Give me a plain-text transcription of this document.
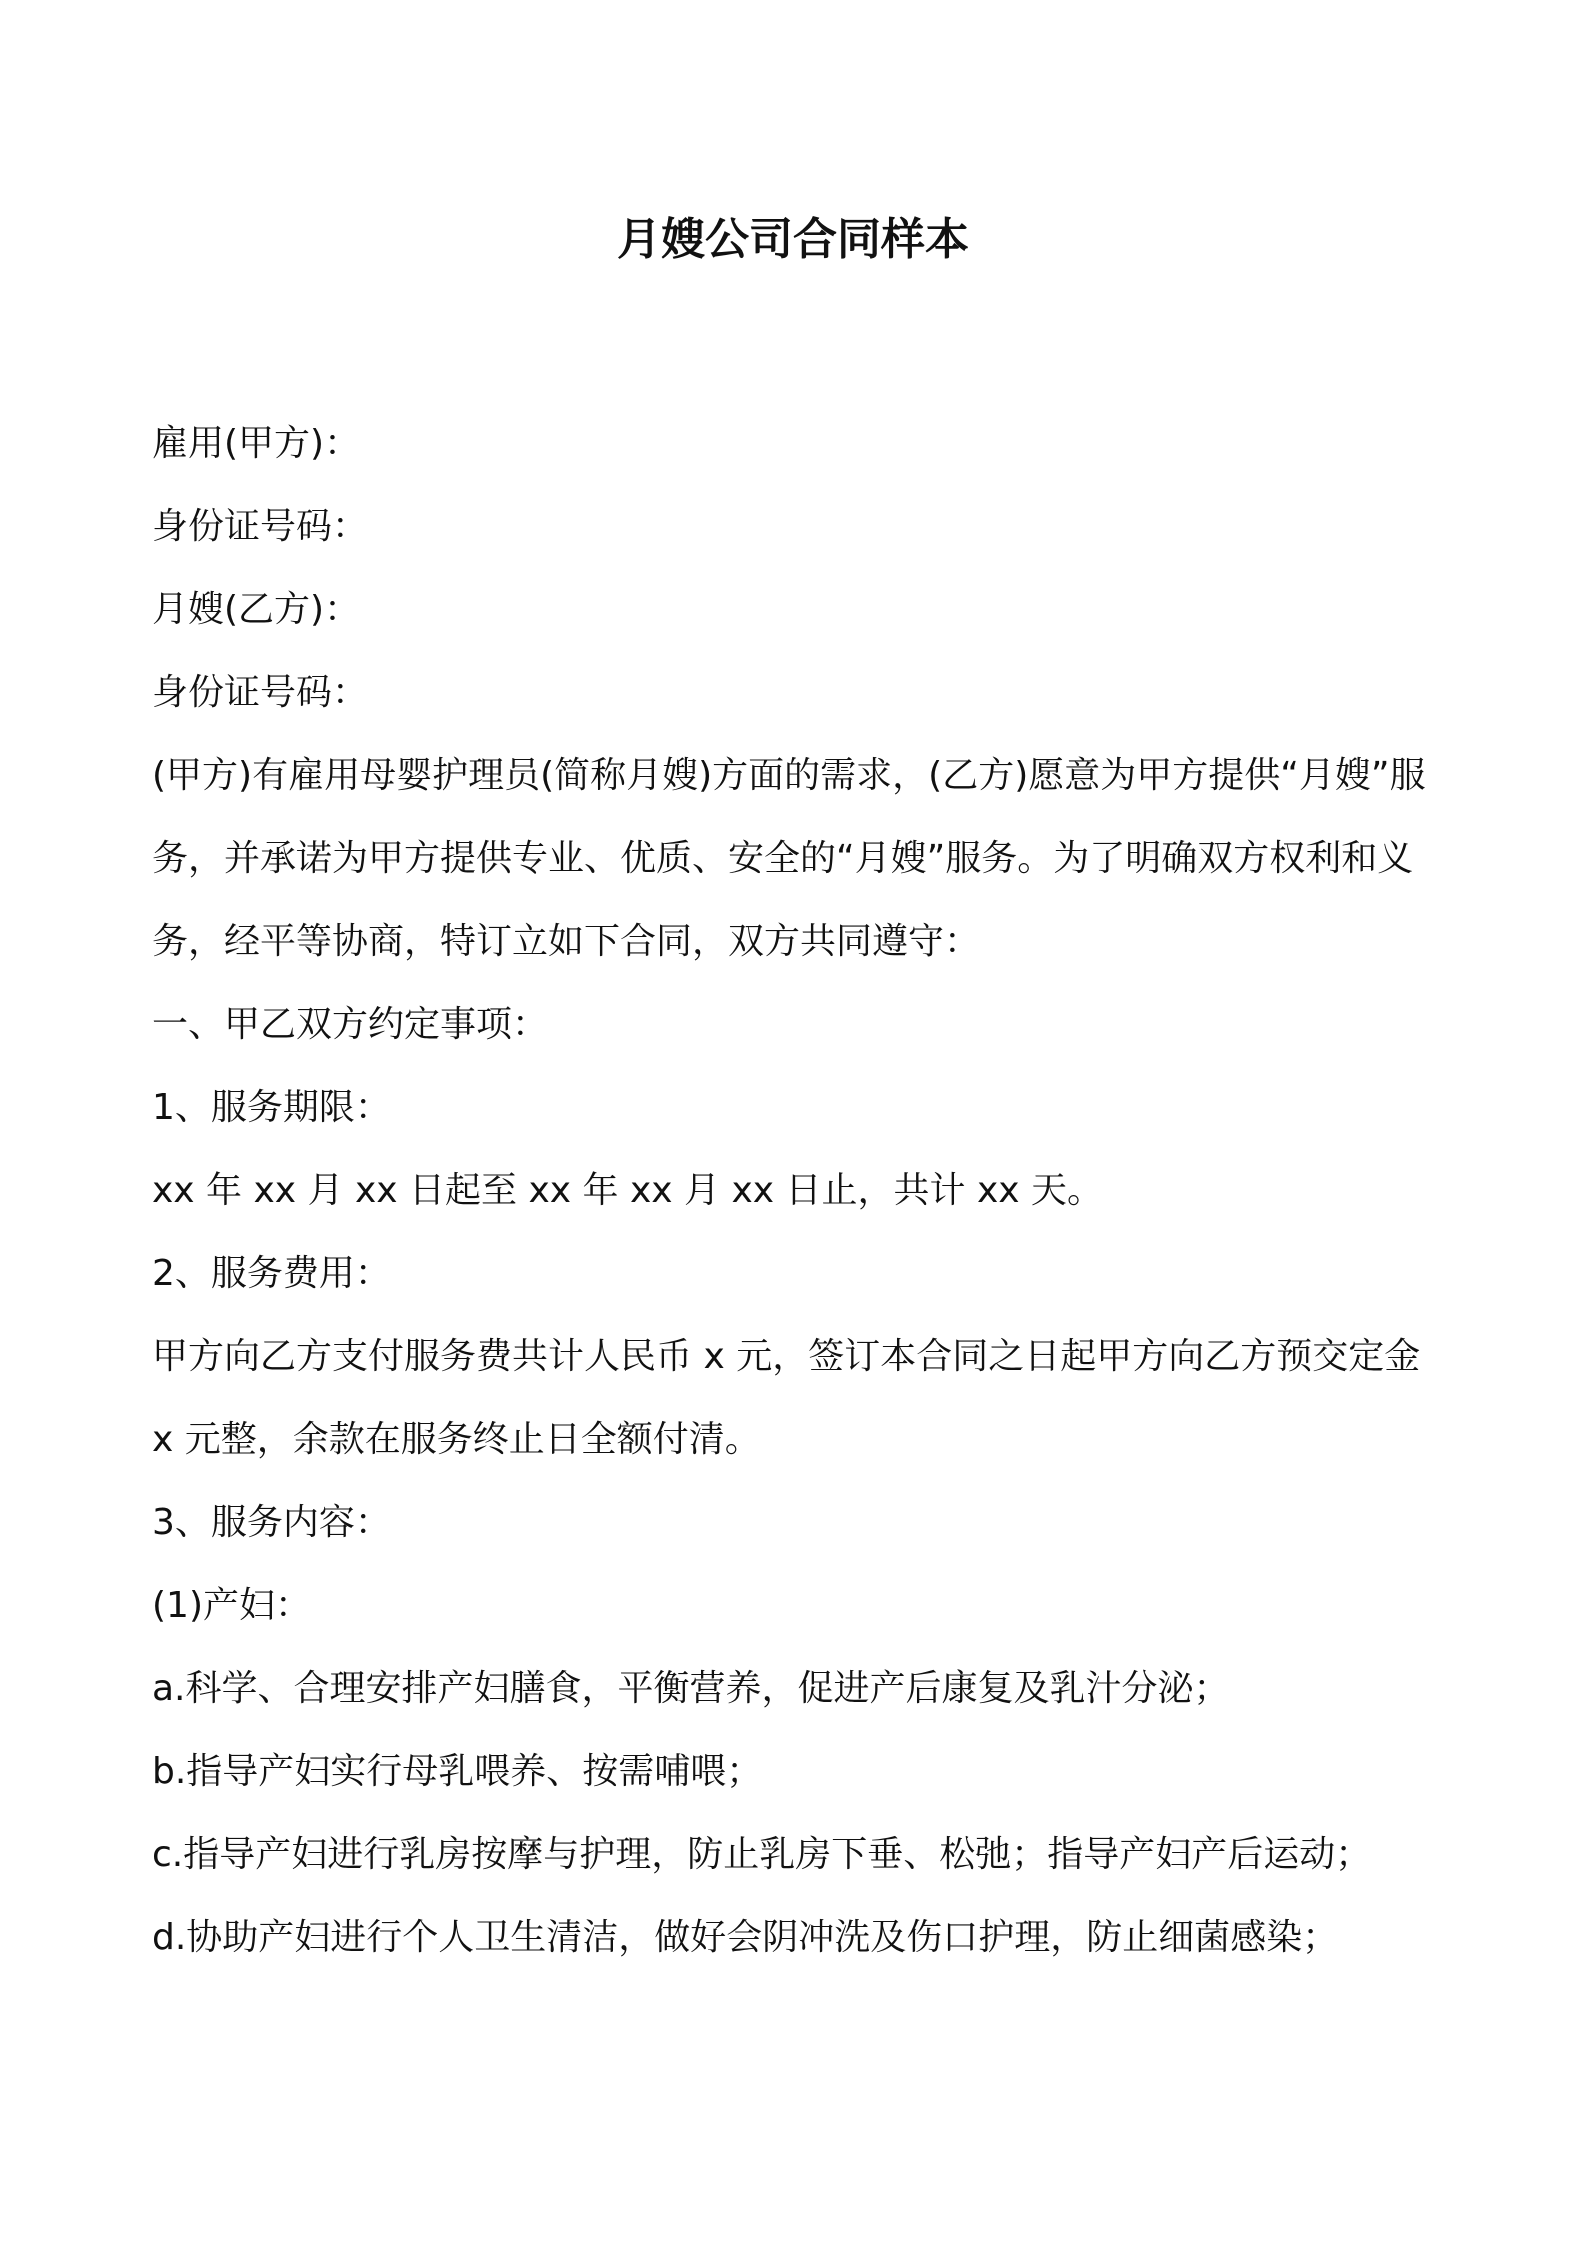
月嫂公司合同样本

雇用(甲方)：

身份证号码：

月嫂(乙方)：

身份证号码：

(甲方)有雇用母婴护理员(简称月嫂)方面的需求，(乙方)愿意为甲方提供“月嫂”服务，并承诺为甲方提供专业、优质、安全的“月嫂”服务。为了明确双方权利和义务，经平等协商，特订立如下合同，双方共同遵守：

一、甲乙双方约定事项：

1、服务期限：

xx 年 xx 月 xx 日起至 xx 年 xx 月 xx 日止，共计 xx 天。

2、服务费用：

甲方向乙方支付服务费共计人民币 x 元，签订本合同之日起甲方向乙方预交定金 x 元整，余款在服务终止日全额付清。

3、服务内容：

(1)产妇：

a.科学、合理安排产妇膳食，平衡营养，促进产后康复及乳汁分泌；

b.指导产妇实行母乳喂养、按需哺喂；

c.指导产妇进行乳房按摩与护理，防止乳房下垂、松弛；指导产妇产后运动；

d.协助产妇进行个人卫生清洁，做好会阴冲洗及伤口护理，防止细菌感染；
